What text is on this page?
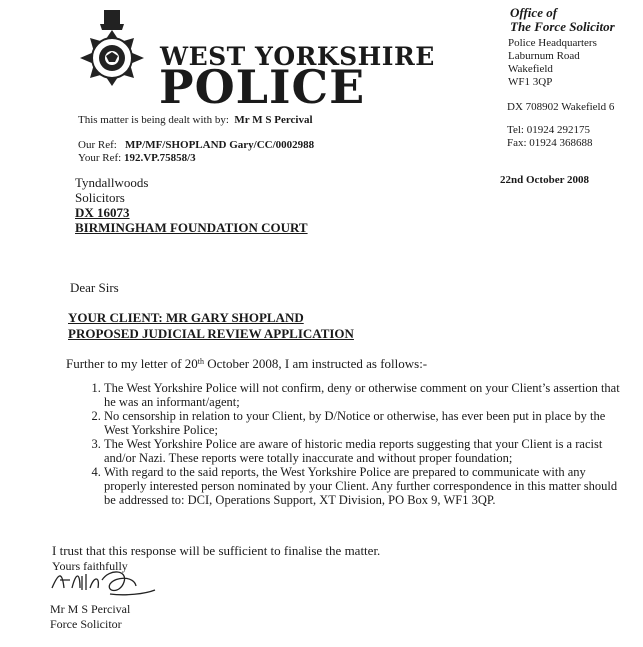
WEST YORKSHIRE
POLICE
Office of
The Force Solicitor
Police Headquarters
Laburnum Road
Wakefield
WF1 3QP
DX 708902 Wakefield 6
Tel: 01924 292175
Fax: 01924 368688
22nd October 2008
This matter is being dealt with by: Mr M S Percival
Our Ref: MP/MF/SHOPLAND Gary/CC/0002988
Your Ref: 192.VP.75858/3
Tyndallwoods
Solicitors
DX 16073
BIRMINGHAM FOUNDATION COURT
Dear Sirs
YOUR CLIENT: MR GARY SHOPLAND
PROPOSED JUDICIAL REVIEW APPLICATION
Further to my letter of 20th October 2008, I am instructed as follows:-
1. The West Yorkshire Police will not confirm, deny or otherwise comment on your Client’s assertion that he was an informant/agent;
2. No censorship in relation to your Client, by D/Notice or otherwise, has ever been put in place by the West Yorkshire Police;
3. The West Yorkshire Police are aware of historic media reports suggesting that your Client is a racist and/or Nazi. These reports were totally inaccurate and without proper foundation;
4. With regard to the said reports, the West Yorkshire Police are prepared to communicate with any properly interested person nominated by your Client. Any further correspondence in this matter should be addressed to: DCI, Operations Support, XT Division, PO Box 9, WF1 3QP.
I trust that this response will be sufficient to finalise the matter.
Yours faithfully
Mr M S Percival
Force Solicitor
